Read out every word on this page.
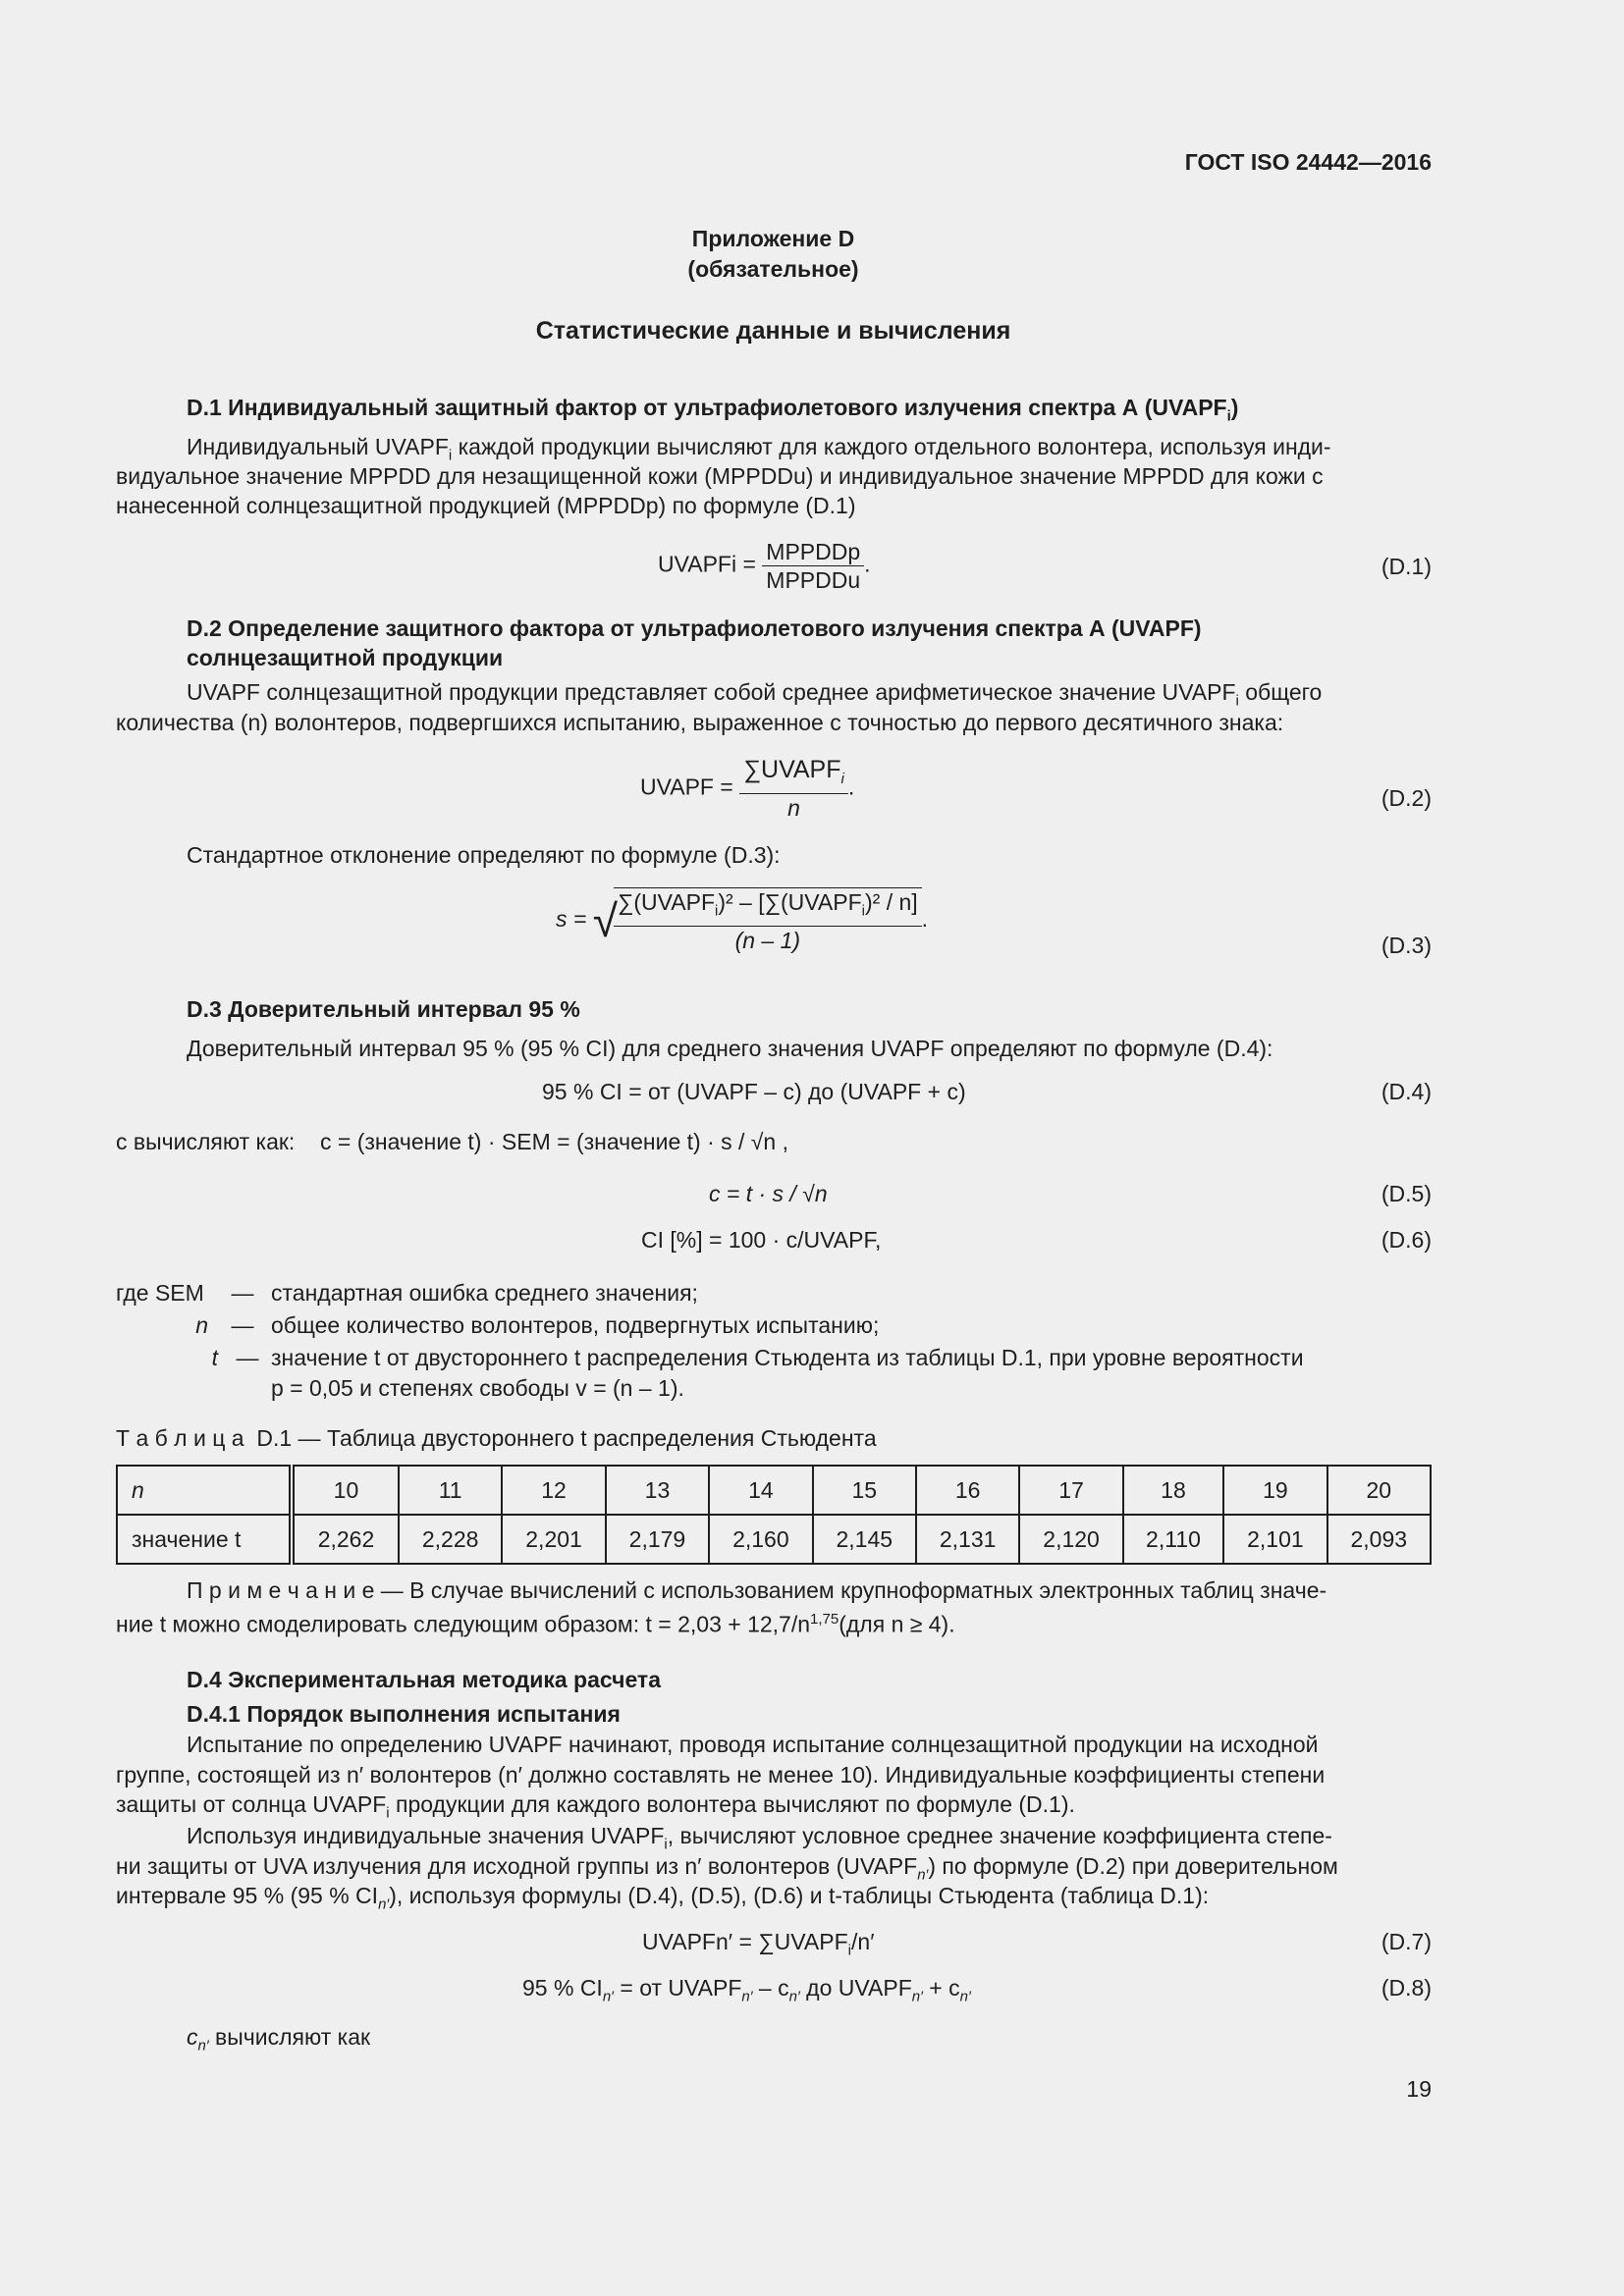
ГОСТ ISO 24442—2016
Приложение D
(обязательное)
Статистические данные и вычисления
D.1 Индивидуальный защитный фактор от ультрафиолетового излучения спектра А $(UVAPF_i)$
Индивидуальный $UVAPF_i$ каждой продукции вычисляют для каждого отдельного волонтера, используя инди-
видуальное значение МРPDD для незащищенной кожи (МРPDDu) и индивидуальное значение МРPDD для кожи с
нанесенной солнцезащитной продукцией (МРPDDp) по формуле (D.1)
UVAPFi = $\frac{\text{МРPDDp}}{\text{МРPDDu}}$ .	(D.1)
D.2 Определение защитного фактора от ультрафиолетового излучения спектра А (UVAPF)
солнцезащитной продукции
UVAPF солнцезащитной продукции представляет собой среднее арифметическое значение $UVAPF_i$ общего
количества (n) волонтеров, подвергшихся испытанию, выраженное с точностью до первого десятичного знака:
UVAPF = $\frac{\sum UVAPF_i}{n}$ .	(D.2)
Стандартное отклонение определяют по формуле (D.3):
s = √
$\frac{\sum(UVAPF_i)^2 - [\sum(UVAPF_i)^2 / n]}{(n - 1)}$ .
(D.3)
D.3 Доверительный интервал 95 %
Доверительный интервал 95 % (95 % CI) для среднего значения UVAPF определяют по формуле (D.4):
95 % CI = от (UVAPF – c) до (UVAPF + c)	(D.4)
c вычисляют как: c = (значение t) · SEM = (значение t) · s / √n ,
c = t · s / √n	(D.5)
CI [%] = 100 · c/UVAPF,	(D.6)
где SEM — стандартная ошибка среднего значения;
n — общее количество волонтеров, подвергнутых испытанию;
t — значение t от двустороннего t распределения Стьюдента из таблицы D.1, при уровне вероятности
p = 0,05 и степенях свободы v = (n – 1).
Т а б л и ц а D.1 — Таблица двустороннего t распределения Стьюдента
n	10	11	12	13	14	15	16	17	18	19	20
значение t	2,262	2,228	2,201	2,179	2,160	2,145	2,131	2,120	2,110	2,101	2,093
П р и м е ч а н и е — В случае вычислений с использованием крупноформатных электронных таблиц значе-
ние t можно смоделировать следующим образом: $t = 2,03 + 12,7/n^{1,75}(для$ n ≥ 4).
D.4 Экспериментальная методика расчета
D.4.1 Порядок выполнения испытания
Испытание по определению UVAPF начинают, проводя испытание солнцезащитной продукции на исходной
группе, состоящей из n′ волонтеров (n′ должно составлять не менее 10). Индивидуальные коэффициенты степени
защиты от солнца $UVAPF_i$ продукции для каждого волонтера вычисляют по формуле (D.1).
Используя индивидуальные значения $UVAPF_i$, вычисляют условное среднее значение коэффициента степе-
ни защиты от UVA излучения для исходной группы из n′ волонтеров $(UVAPF_{n'})$ по формуле (D.2) при доверительном
интервале 95 % (95 % $CI_{n'}$), используя формулы (D.4), (D.5), (D.6) и t-таблицы Стьюдента (таблица D.1):
UVAPFn′ = $\sum UVAPF_i/n'$	(D.7)
95 % $CI_{n'}$ = от $UVAPF_{n'} - c_{n'}$ до $UVAPF_{n'} + c_{n'}$	(D.8)
$c_{n'}$ вычисляют как
19
